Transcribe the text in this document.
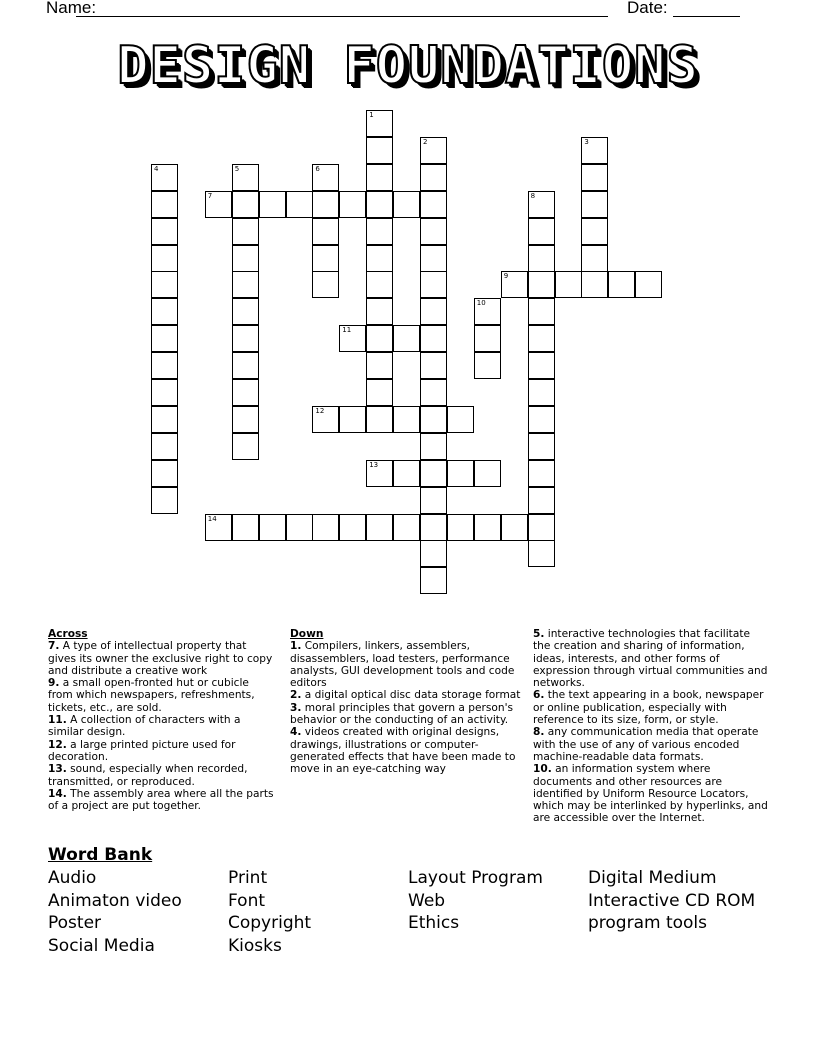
Name:	Date:
DESIGN FOUNDATIONS
1
2	3
4	5	6
7	8
9
10
11
12
13
14
Across
7. A type of intellectual property that gives its owner the exclusive right to copy and distribute a creative work
9. a small open-fronted hut or cubicle from which newspapers, refreshments, tickets, etc., are sold.
11. A collection of characters with a similar design.
12. a large printed picture used for decoration.
13. sound, especially when recorded, transmitted, or reproduced.
14. The assembly area where all the parts of a project are put together.
Down
1. Compilers, linkers, assemblers, disassemblers, load testers, performance analysts, GUI development tools and code editors
2. a digital optical disc data storage format
3. moral principles that govern a person's behavior or the conducting of an activity.
4. videos created with original designs, drawings, illustrations or computer-generated effects that have been made to move in an eye-catching way
5. interactive technologies that facilitate the creation and sharing of information, ideas, interests, and other forms of expression through virtual communities and networks.
6. the text appearing in a book, newspaper or online publication, especially with reference to its size, form, or style.
8. any communication media that operate with the use of any of various encoded machine-readable data formats.
10. an information system where documents and other resources are identified by Uniform Resource Locators, which may be interlinked by hyperlinks, and are accessible over the Internet.
Word Bank
Audio
Animaton video
Poster
Social Media
Print
Font
Copyright
Kiosks
Layout Program
Web
Ethics
Digital Medium
Interactive CD ROM
program tools
